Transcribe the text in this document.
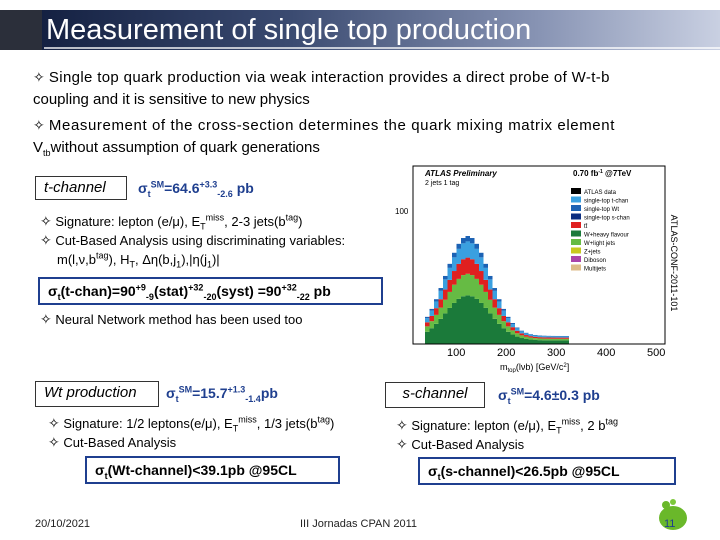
Measurement of single top production
✧ Single top quark production via weak interaction provides a direct probe of W-t-b
coupling and it is sensitive to new physics
✧ Measurement of the cross-section determines the quark mixing matrix element
$V_{tb}without$ assumption of quark generations
t-channel	$\sigma_t℠=64.6^{+3.3}_{-2.6}$ pb
✧ Signature: lepton (e/μ), $E_T^{miss}$, 2-3 $jets(b^{tag})$
✧ Cut-Based Analysis using discriminating variables:
$m(l,\nu,b^{tag})$, $H_T$, $\Delta\eta(b,j_1),|\eta(j_1)|$
$\sigma_t(t-chan)=90^{+9}_{-9}(stat)^{+32}_{-20}(syst) =90^{+32}_{-22}$ pb
✧ Neural Network method has been used too
ATLAS Preliminary
2 jets 1 tag
0.70 $fb^{-1}$ @7TeV
100
ATLAS data
single-top t-chan
single-top Wt
single-top s-chan
tt̄
W+heavy flavour
W+light jets
Z+jets
Diboson
Multijets
100	200	300	400	500
$m_{top}(l\nu b)$ $[GeV/c^2]$
ATLAS-CONF-2011-101
Wt production	$\sigma_t℠=15.7^{+1.3}_{-1.4}pb$
✧ Signature: 1/2 leptons(e/μ), $E_T^{miss}$, 1/3 $jets(b^{tag})$
✧ Cut-Based Analysis
$\sigma_t(Wt-channel)<39.1pb$ @95CL
s-channel	$\sigma_t℠=4.6\pm 0.3$ pb
✧ Signature: lepton (e/μ), $E_T^{miss}$, 2 $b^{tag}$
✧ Cut-Based Analysis
$\sigma_t(s-channel)<26.5pb$ @95CL
20/10/2021	III Jornadas CPAN 2011	11
